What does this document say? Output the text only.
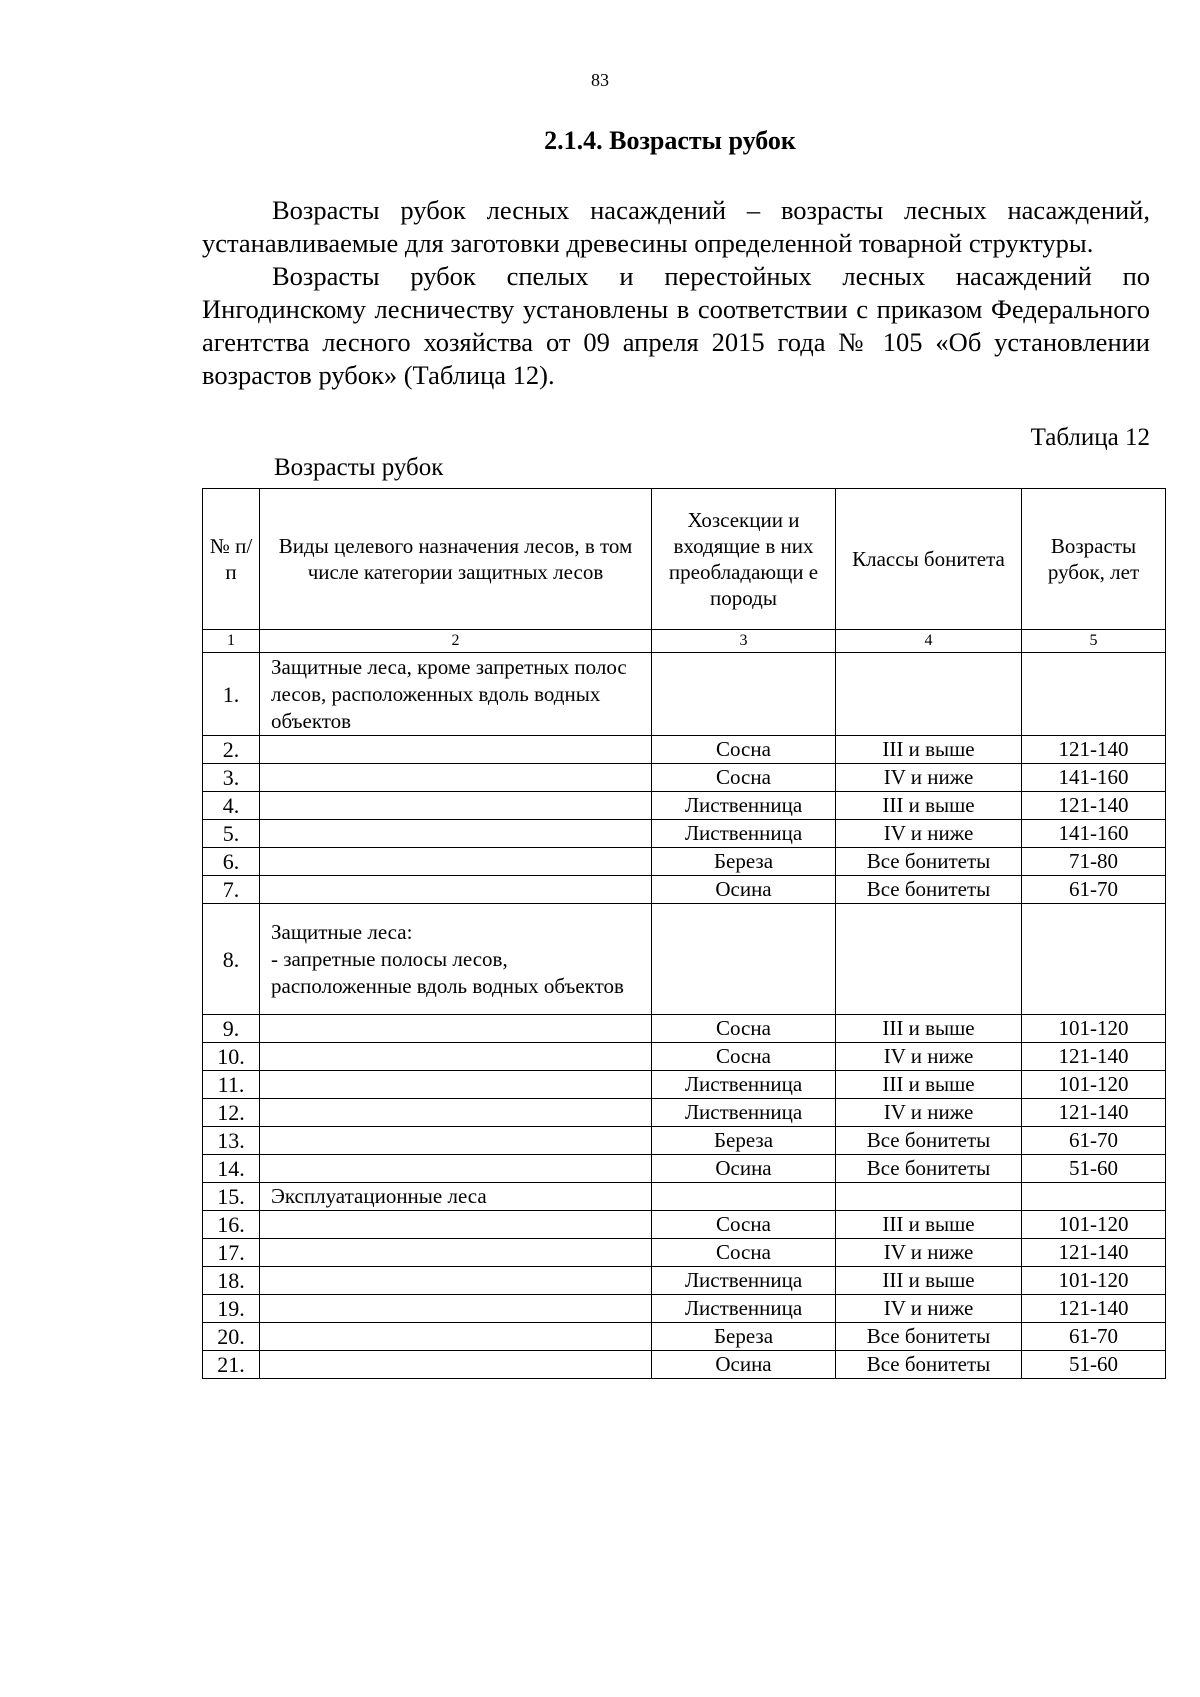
83
2.1.4. Возрасты рубок

Возрасты рубок лесных насаждений – возрасты лесных насаждений, устанавливаемые для заготовки древесины определенной товарной структуры.

Возрасты рубок спелых и перестойных лесных насаждений по Ингодинскому лесничеству установлены в соответствии с приказом Федерального агентства лесного хозяйства от 09 апреля 2015 года № 105 «Об установлении возрастов рубок» (Таблица 12).

Таблица 12
Возрасты рубок
№ п/п	Виды целевого назначения лесов, в том числе категории защитных лесов	Хозсекции и входящие в них преобладающи е породы	Классы бонитета	Возрасты рубок, лет
1	2	3	4	5
1.	Защитные леса, кроме запретных полос лесов, расположенных вдоль водных объектов			
2.		Сосна	III и выше	121-140
3.		Сосна	IV и ниже	141-160
4.		Лиственница	III и выше	121-140
5.		Лиственница	IV и ниже	141-160
6.		Береза	Все бонитеты	71-80
7.		Осина	Все бонитеты	61-70
8.	Защитные леса:
- запретные полосы лесов, расположенные вдоль водных объектов			
9.		Сосна	III и выше	101-120
10.		Сосна	IV и ниже	121-140
11.		Лиственница	III и выше	101-120
12.		Лиственница	IV и ниже	121-140
13.		Береза	Все бонитеты	61-70
14.		Осина	Все бонитеты	51-60
15.	Эксплуатационные леса			
16.		Сосна	III и выше	101-120
17.		Сосна	IV и ниже	121-140
18.		Лиственница	III и выше	101-120
19.		Лиственница	IV и ниже	121-140
20.		Береза	Все бонитеты	61-70
21.		Осина	Все бонитеты	51-60
